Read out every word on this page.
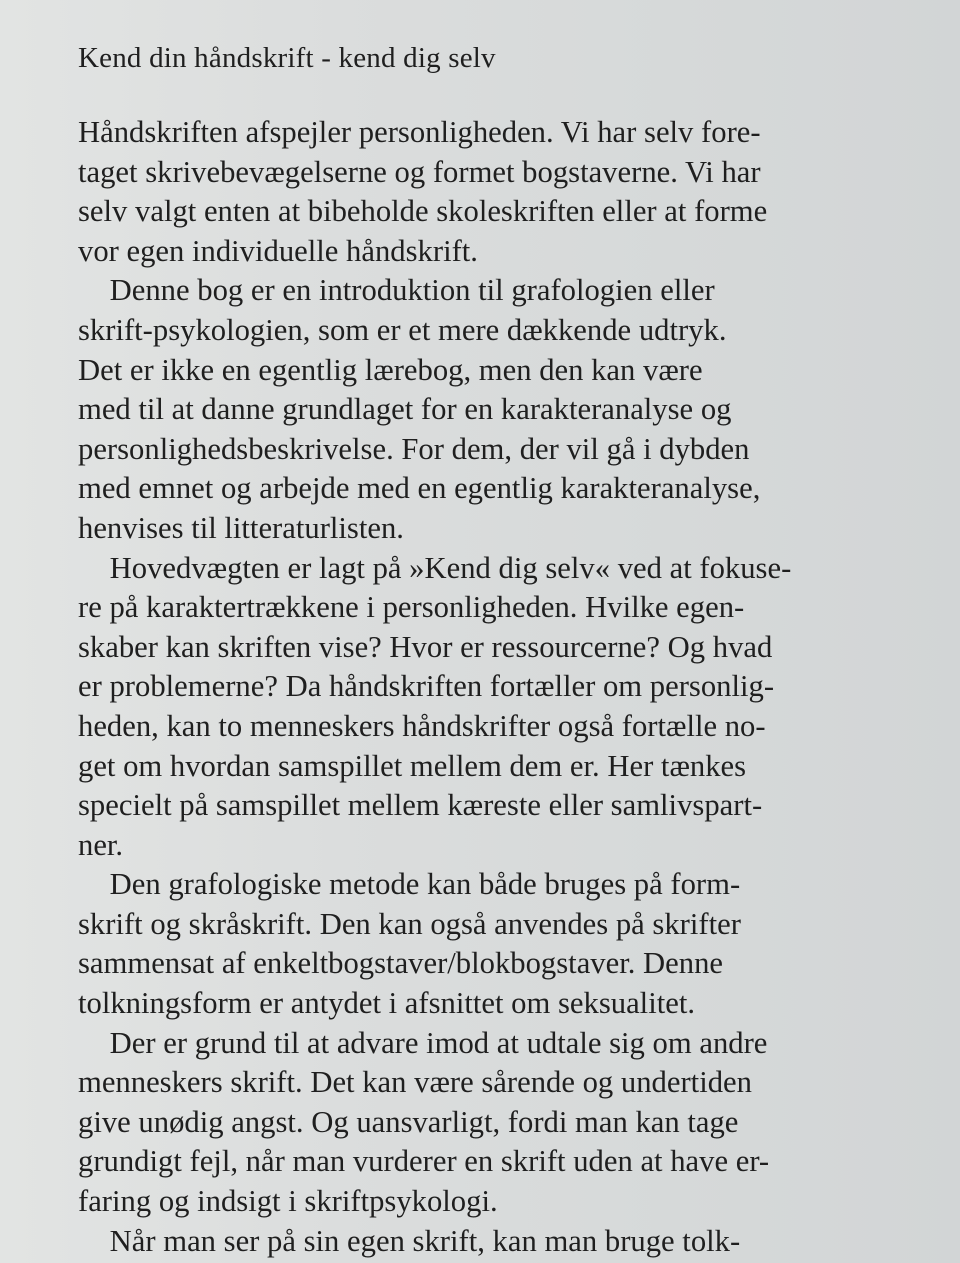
Kend din håndskrift - kend dig selv
Håndskriften afspejler personligheden. Vi har selv fore-
taget skrivebevægelserne og formet bogstaverne. Vi har
selv valgt enten at bibeholde skoleskriften eller at forme
vor egen individuelle håndskrift.
Denne bog er en introduktion til grafologien eller
skrift-psykologien, som er et mere dækkende udtryk.
Det er ikke en egentlig lærebog, men den kan være
med til at danne grundlaget for en karakteranalyse og
personlighedsbeskrivelse. For dem, der vil gå i dybden
med emnet og arbejde med en egentlig karakteranalyse,
henvises til litteraturlisten.
Hovedvægten er lagt på »Kend dig selv« ved at fokuse-
re på karaktertrækkene i personligheden. Hvilke egen-
skaber kan skriften vise? Hvor er ressourcerne? Og hvad
er problemerne? Da håndskriften fortæller om personlig-
heden, kan to menneskers håndskrifter også fortælle no-
get om hvordan samspillet mellem dem er. Her tænkes
specielt på samspillet mellem kæreste eller samlivspart-
ner.
Den grafologiske metode kan både bruges på form-
skrift og skråskrift. Den kan også anvendes på skrifter
sammensat af enkeltbogstaver/blokbogstaver. Denne
tolkningsform er antydet i afsnittet om seksualitet.
Der er grund til at advare imod at udtale sig om andre
menneskers skrift. Det kan være sårende og undertiden
give unødig angst. Og uansvarligt, fordi man kan tage
grundigt fejl, når man vurderer en skrift uden at have er-
faring og indsigt i skriftpsykologi.
Når man ser på sin egen skrift, kan man bruge tolk-
